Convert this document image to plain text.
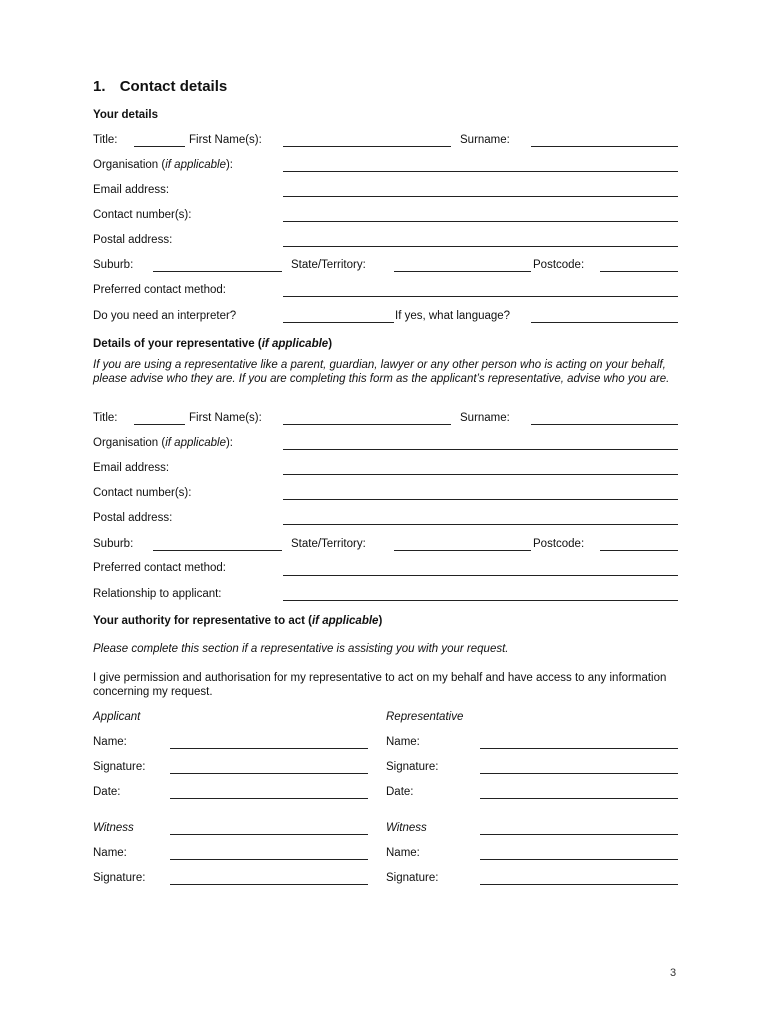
1. Contact details
Your details
Title:	First Name(s):	Surname:
Organisation (if applicable):
Email address:
Contact number(s):
Postal address:
Suburb:	State/Territory:	Postcode:
Preferred contact method:
Do you need an interpreter?	If yes, what language?
Details of your representative (if applicable)
If you are using a representative like a parent, guardian, lawyer or any other person who is acting on your behalf, please advise who they are. If you are completing this form as the applicant’s representative, advise who you are.
Title:	First Name(s):	Surname:
Organisation (if applicable):
Email address:
Contact number(s):
Postal address:
Suburb:	State/Territory:	Postcode:
Preferred contact method:
Relationship to applicant:
Your authority for representative to act (if applicable)
Please complete this section if a representative is assisting you with your request.
I give permission and authorisation for my representative to act on my behalf and have access to any information concerning my request.
Applicant	Representative
Name:	Name:
Signature:	Signature:
Date:	Date:
Witness	Witness
Name:	Name:
Signature:	Signature:
3
